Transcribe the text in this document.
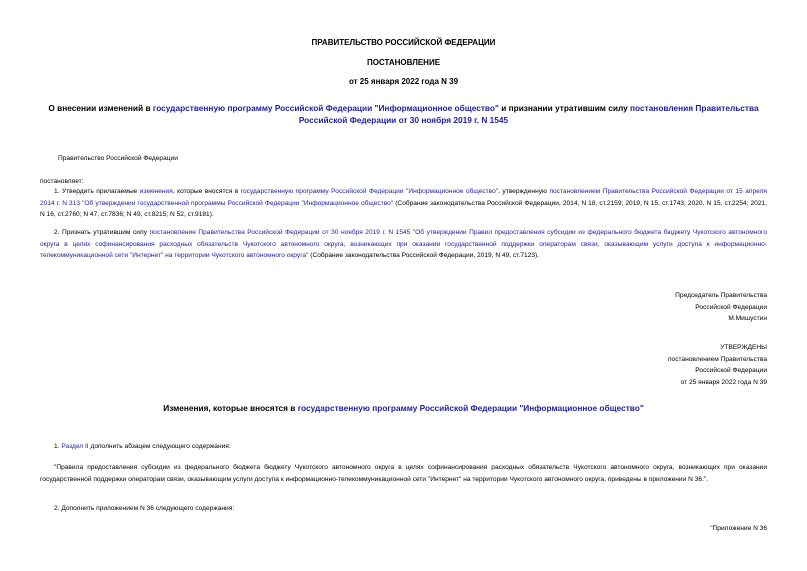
ПРАВИТЕЛЬСТВО РОССИЙСКОЙ ФЕДЕРАЦИИ
ПОСТАНОВЛЕНИЕ
от 25 января 2022 года N 39
О внесении изменений в государственную программу Российской Федерации "Информационное общество" и признании утратившим силу постановления Правительства Российской Федерации от 30 ноября 2019 г. N 1545
Правительство Российской Федерации
постановляет:
1. Утвердить прилагаемые изменения, которые вносятся в государственную программу Российской Федерации "Информационное общество", утвержденную постановлением Правительства Российской Федерации от 15 апреля 2014 г. N 313 "Об утверждении государственной программы Российской Федерации "Информационное общество" (Собрание законодательства Российской Федерации, 2014, N 18, ст.2159; 2019, N 15, ст.1743; 2020, N 15, ст.2254; 2021, N 16, ст.2760; N 47, ст.7836; N 49, ст.8215; N 52, ст.9181).
2. Признать утратившим силу постановление Правительства Российской Федерации от 30 ноября 2019 г. N 1545 "Об утверждении Правил предоставления субсидии из федерального бюджета бюджету Чукотского автономного округа в целях софинансирования расходных обязательств Чукотского автономного округа, возникающих при оказании государственной поддержки операторам связи, оказывающим услуги доступа к информационно-телекоммуникационной сети "Интернет" на территории Чукотского автономного округа" (Собрание законодательства Российской Федерации, 2019, N 49, ст.7123).
Председатель Правительства
Российской Федерации
М.Мишустин
УТВЕРЖДЕНЫ
постановлением Правительства
Российской Федерации
от 25 января 2022 года N 39
Изменения, которые вносятся в государственную программу Российской Федерации "Информационное общество"
1. Раздел II дополнить абзацем следующего содержания:
"Правила предоставления субсидии из федерального бюджета бюджету Чукотского автономного округа в целях софинансирования расходных обязательств Чукотского автономного округа, возникающих при оказании государственной поддержки операторам связи, оказывающим услуги доступа к информационно-телекоммуникационной сети "Интернет" на территории Чукотского автономного округа, приведены в приложении N 36.".
2. Дополнить приложением N 36 следующего содержания:
"Приложение N 36
